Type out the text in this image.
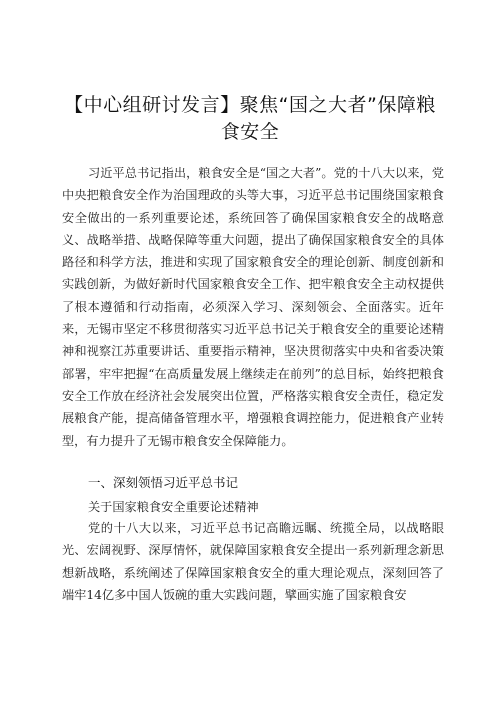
【中心组研讨发言】聚焦“国之大者”保障粮食安全

习近平总书记指出，粮食安全是“国之大者”。党的十八大以来，党中央把粮食安全作为治国理政的头等大事，习近平总书记围绕国家粮食安全做出的一系列重要论述，系统回答了确保国家粮食安全的战略意义、战略举措、战略保障等重大问题，提出了确保国家粮食安全的具体路径和科学方法，推进和实现了国家粮食安全的理论创新、制度创新和实践创新，为做好新时代国家粮食安全工作、把牢粮食安全主动权提供了根本遵循和行动指南，必须深入学习、深刻领会、全面落实。近年来，无锡市坚定不移贯彻落实习近平总书记关于粮食安全的重要论述精神和视察江苏重要讲话、重要指示精神，坚决贯彻落实中央和省委决策部署，牢牢把握“在高质量发展上继续走在前列”的总目标，始终把粮食安全工作放在经济社会发展突出位置，严格落实粮食安全责任，稳定发展粮食产能，提高储备管理水平，增强粮食调控能力，促进粮食产业转型，有力提升了无锡市粮食安全保障能力。

一、深刻领悟习近平总书记

关于国家粮食安全重要论述精神

党的十八大以来，习近平总书记高瞻远瞩、统揽全局，以战略眼光、宏阔视野、深厚情怀，就保障国家粮食安全提出一系列新理念新思想新战略，系统阐述了保障国家粮食安全的重大理论观点，深刻回答了端牢14亿多中国人饭碗的重大实践问题，擘画实施了国家粮食安
